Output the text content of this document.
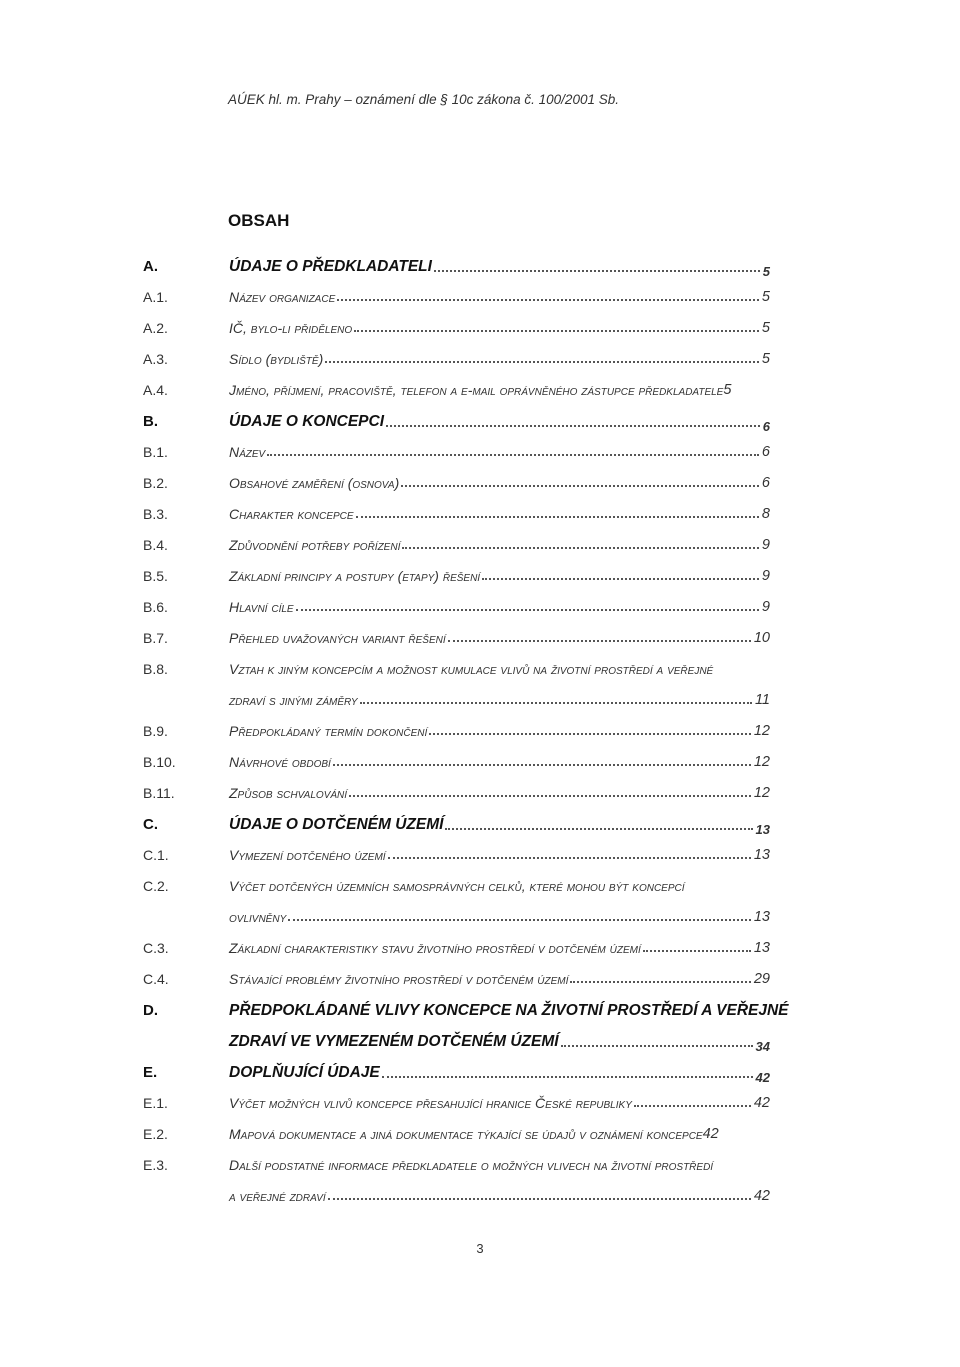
AÚEK hl. m. Prahy – oznámení dle § 10c zákona č. 100/2001 Sb.
OBSAH
A.	ÚDAJE O PŘEDKLADATELI	5
A.1.	Název organizace	5
A.2.	IČ, bylo-li přiděleno	5
A.3.	Sídlo (bydliště)	5
A.4.	Jméno, příjmení, pracoviště, telefon a e-mail oprávněného zástupce předkladatele 5
B.	ÚDAJE O KONCEPCI	6
B.1.	Název	6
B.2.	Obsahové zaměření (osnova)	6
B.3.	Charakter koncepce	8
B.4.	Zdůvodnění potřeby pořízení	9
B.5.	Základní principy a postupy (etapy) řešení	9
B.6.	Hlavní cíle	9
B.7.	Přehled uvažovaných variant řešení	10
B.8.	Vztah k jiným koncepcím a možnost kumulace vlivů na životní prostředí a veřejné
zdraví s jinými záměry	11
B.9.	Předpokládaný termín dokončení	12
B.10.	Návrhové období	12
B.11.	Způsob schvalování	12
C.	ÚDAJE O DOTČENÉM ÚZEMÍ	13
C.1.	Vymezení dotčeného území	13
C.2.	Výčet dotčených územních samosprávných celků, které mohou být koncepcí
ovlivněny	13
C.3.	Základní charakteristiky stavu životního prostředí v dotčeném území	13
C.4.	Stávající problémy životního prostředí v dotčeném území	29
D.	PŘEDPOKLÁDANÉ VLIVY KONCEPCE NA ŽIVOTNÍ PROSTŘEDÍ A VEŘEJNÉ
ZDRAVÍ VE VYMEZENÉM DOTČENÉM ÚZEMÍ	34
E.	DOPLŇUJÍCÍ ÚDAJE	42
E.1.	Výčet možných vlivů koncepce přesahující hranice České republiky	42
E.2.	Mapová dokumentace a jiná dokumentace týkající se údajů v oznámení koncepce 42
E.3.	Další podstatné informace předkladatele o možných vlivech na životní prostředí
a veřejné zdraví	42
3
